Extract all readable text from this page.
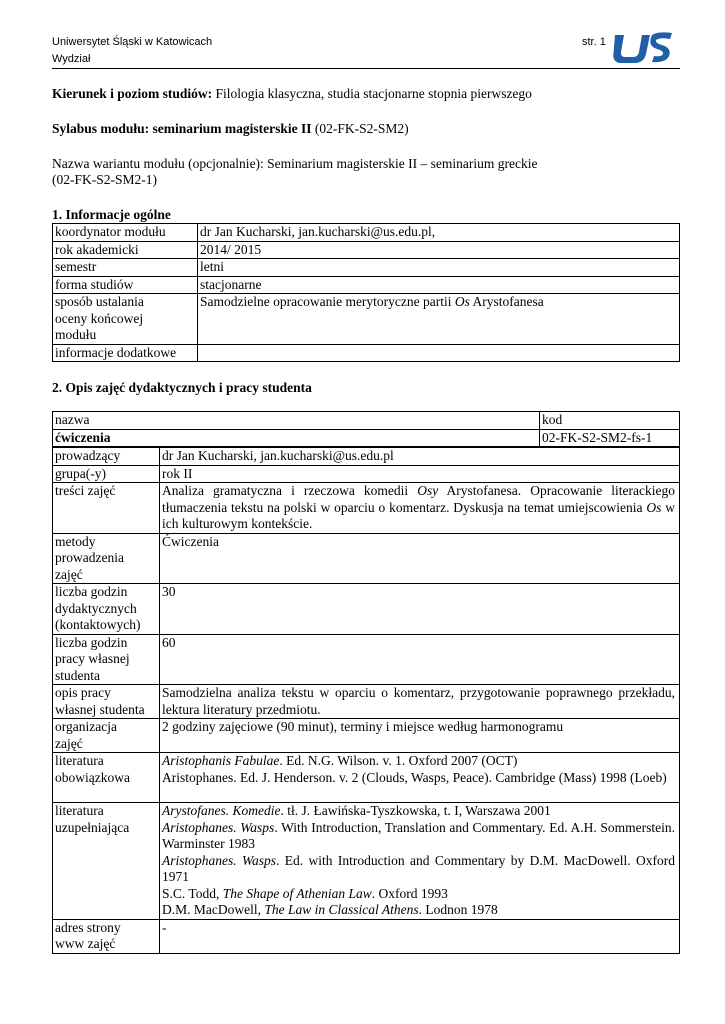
Uniwersytet Śląski w Katowicach
Wydział
str. 1

Kierunek i poziom studiów: Filologia klasyczna, studia stacjonarne stopnia pierwszego

Sylabus modułu: seminarium magisterskie II (02-FK-S2-SM2)

Nazwa wariantu modułu (opcjonalnie): Seminarium magisterskie II – seminarium greckie
(02-FK-S2-SM2-1)

1. Informacje ogólne

koordynator modułu	dr Jan Kucharski, jan.kucharski@us.edu.pl,
rok akademicki	2014/ 2015
semestr	letni
forma studiów	stacjonarne
sposób ustalania
oceny końcowej
modułu	Samodzielne opracowanie merytoryczne partii Os Arystofanesa
informacje dodatkowe	

2. Opis zajęć dydaktycznych i pracy studenta

nazwa	kod
ćwiczenia	02-FK-S2-SM2-fs-1
prowadzący	dr Jan Kucharski, jan.kucharski@us.edu.pl
grupa(-y)	rok II
treści zajęć	Analiza gramatyczna i rzeczowa komedii Osy Arystofanesa. Opracowanie literackiego tłumaczenia tekstu na polski w oparciu o komentarz. Dyskusja na temat umiejscowienia Os w ich kulturowym kontekście.
metody
prowadzenia
zajęć	Ćwiczenia
liczba godzin
dydaktycznych
(kontaktowych)	30
liczba godzin
pracy własnej
studenta	60
opis pracy
własnej studenta	Samodzielna analiza tekstu w oparciu o komentarz, przygotowanie poprawnego przekładu, lektura literatury przedmiotu.
organizacja
zajęć	2 godziny zajęciowe (90 minut), terminy i miejsce według harmonogramu
literatura
obowiązkowa	Aristophanis Fabulae. Ed. N.G. Wilson. v. 1. Oxford 2007 (OCT)
Aristophanes. Ed. J. Henderson. v. 2 (Clouds, Wasps, Peace). Cambridge (Mass) 1998 (Loeb)
literatura
uzupełniająca	Arystofanes. Komedie. tł. J. Ławińska-Tyszkowska, t. I, Warszawa 2001
Aristophanes. Wasps. With Introduction, Translation and Commentary. Ed. A.H. Sommerstein. Warminster 1983
Aristophanes. Wasps. Ed. with Introduction and Commentary by D.M. MacDowell. Oxford 1971
S.C. Todd, The Shape of Athenian Law. Oxford 1993
D.M. MacDowell, The Law in Classical Athens. Lodnon 1978
adres strony
www zajęć	-
